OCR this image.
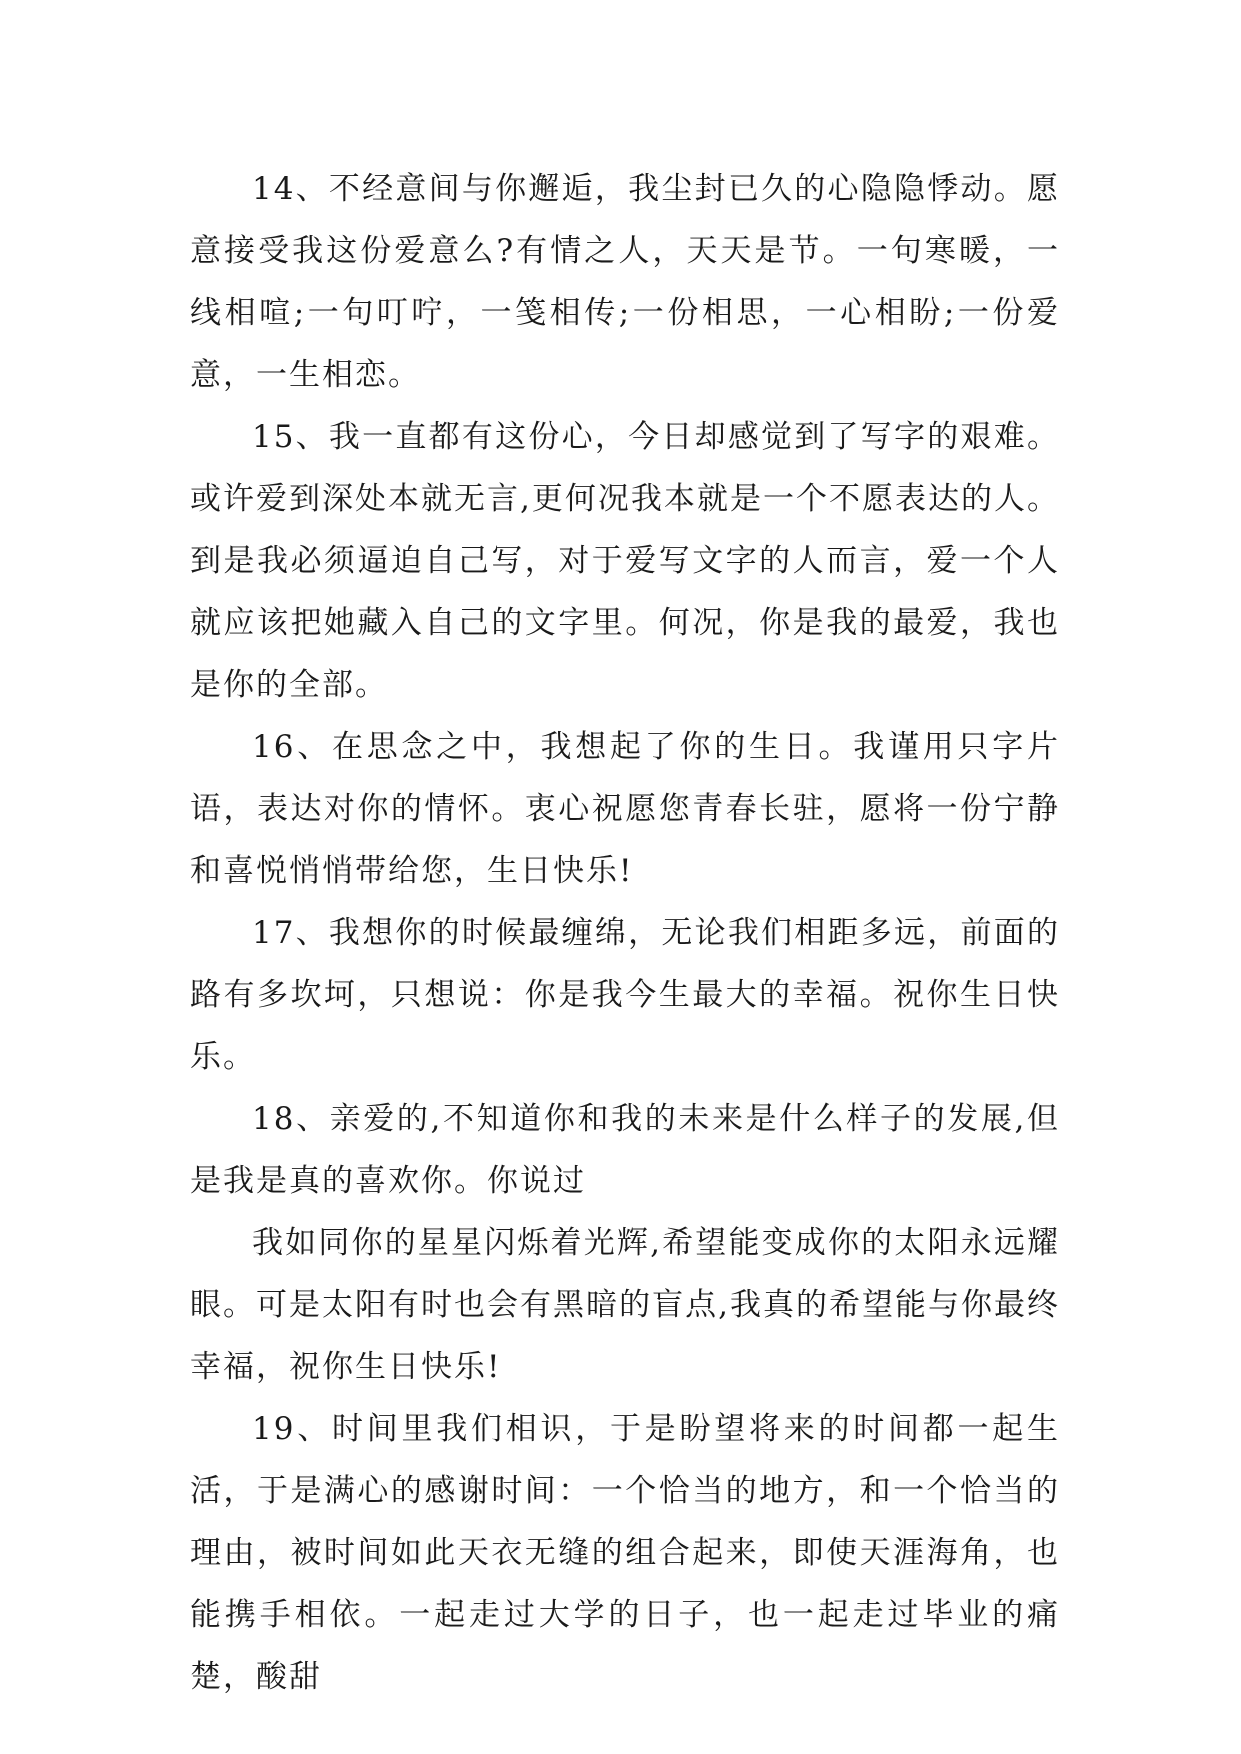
14、不经意间与你邂逅，我尘封已久的心隐隐悸动。愿意接受我这份爱意么?有情之人，天天是节。一句寒暖，一线相喧;一句叮咛，一笺相传;一份相思，一心相盼;一份爱意，一生相恋。

15、我一直都有这份心，今日却感觉到了写字的艰难。或许爱到深处本就无言,更何况我本就是一个不愿表达的人。到是我必须逼迫自己写，对于爱写文字的人而言，爱一个人就应该把她藏入自己的文字里。何况，你是我的最爱，我也是你的全部。

16、在思念之中，我想起了你的生日。我谨用只字片语，表达对你的情怀。衷心祝愿您青春长驻，愿将一份宁静和喜悦悄悄带给您，生日快乐!

17、我想你的时候最缠绵，无论我们相距多远，前面的路有多坎坷，只想说：你是我今生最大的幸福。祝你生日快乐。

18、亲爱的,不知道你和我的未来是什么样子的发展,但是我是真的喜欢你。你说过

我如同你的星星闪烁着光辉,希望能变成你的太阳永远耀眼。可是太阳有时也会有黑暗的盲点,我真的希望能与你最终幸福，祝你生日快乐!

19、时间里我们相识，于是盼望将来的时间都一起生活，于是满心的感谢时间：一个恰当的地方，和一个恰当的理由，被时间如此天衣无缝的组合起来，即使天涯海角，也能携手相依。一起走过大学的日子，也一起走过毕业的痛楚，酸甜
